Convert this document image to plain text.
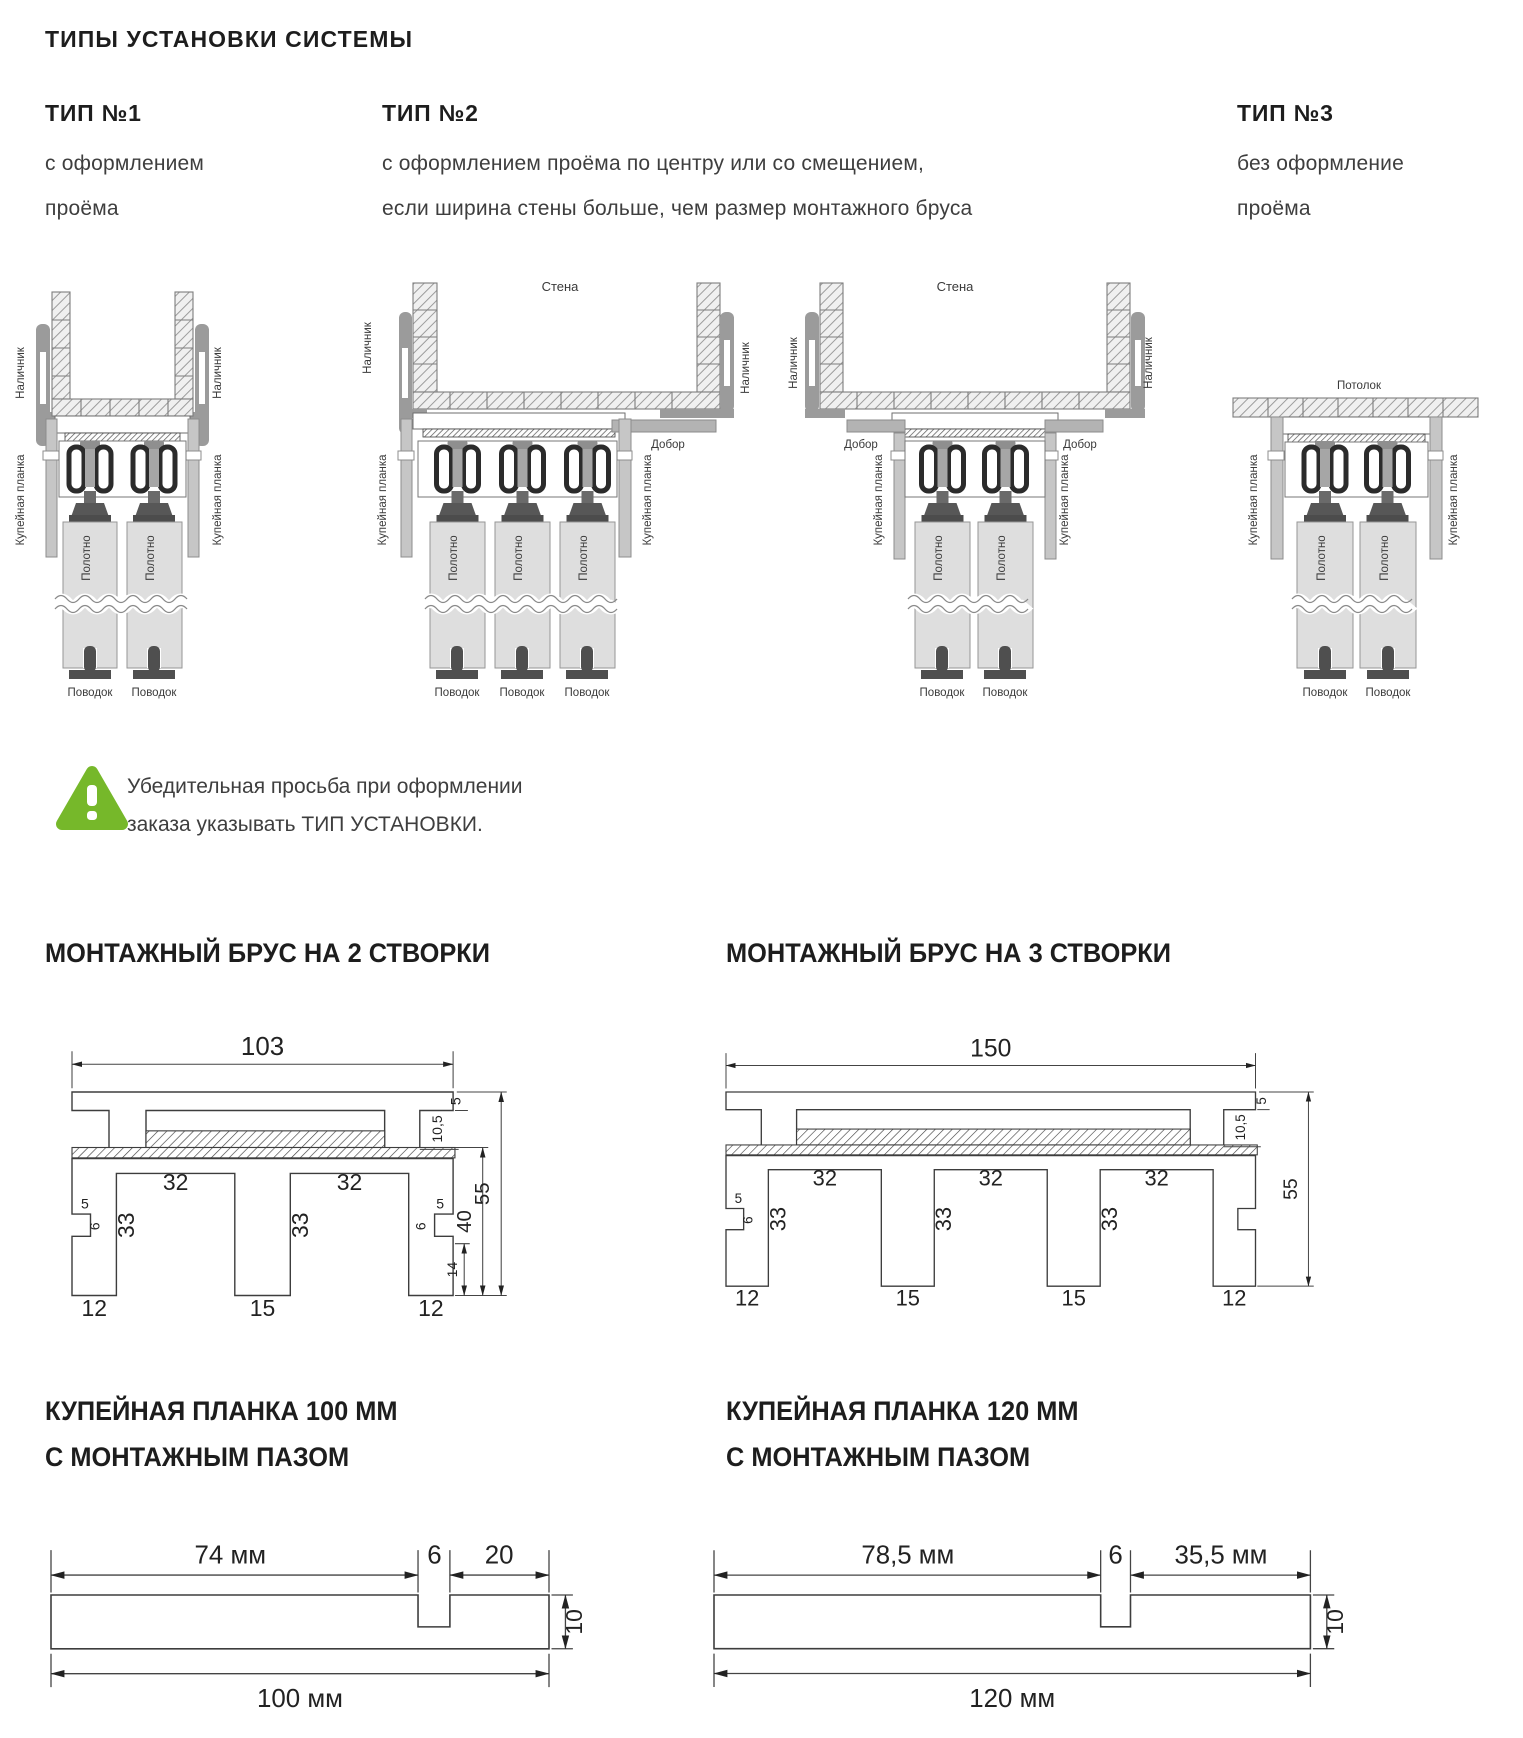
ТИПЫ УСТАНОВКИ СИСТЕМЫ
ТИП №1
с оформлением
проёма
ТИП №2
с оформлением проёма по центру или со смещением,
если ширина стены больше, чем размер монтажного бруса
ТИП №3
без оформление
проёма
Наличник	Наличник
Купейная планка	Купейная планка
Полотно	Полотно
Поводок Поводок
Стена
Наличник	Наличник
Добор
Купейная планка	Купейная планка
Полотно	Полотно	Полотно
Поводок Поводок Поводок
Стена
Наличник	Наличник
Добор	Добор
Купейная планка	Купейная планка
Полотно	Полотно
Поводок Поводок
Потолок
Купейная планка	Купейная планка
Полотно	Полотно
Поводок Поводок
Убедительная просьба при оформлении
заказа указывать ТИП УСТАНОВКИ.
МОНТАЖНЫЙ БРУС НА 2 СТВОРКИ	МОНТАЖНЫЙ БРУС НА 3 СТВОРКИ
103
5
10,5
55
40
14
32	32
33	33
5
6
5
6
12	15	12
150
5
10,5
55
32	32	32
33	33	33
5
6
12	15	15	12
КУПЕЙНАЯ ПЛАНКА 100 ММ
С МОНТАЖНЫМ ПАЗОМ
КУПЕЙНАЯ ПЛАНКА 120 ММ
С МОНТАЖНЫМ ПАЗОМ
74 мм	6	20
10
100 мм
78,5 мм	6	35,5 мм
10
120 мм
